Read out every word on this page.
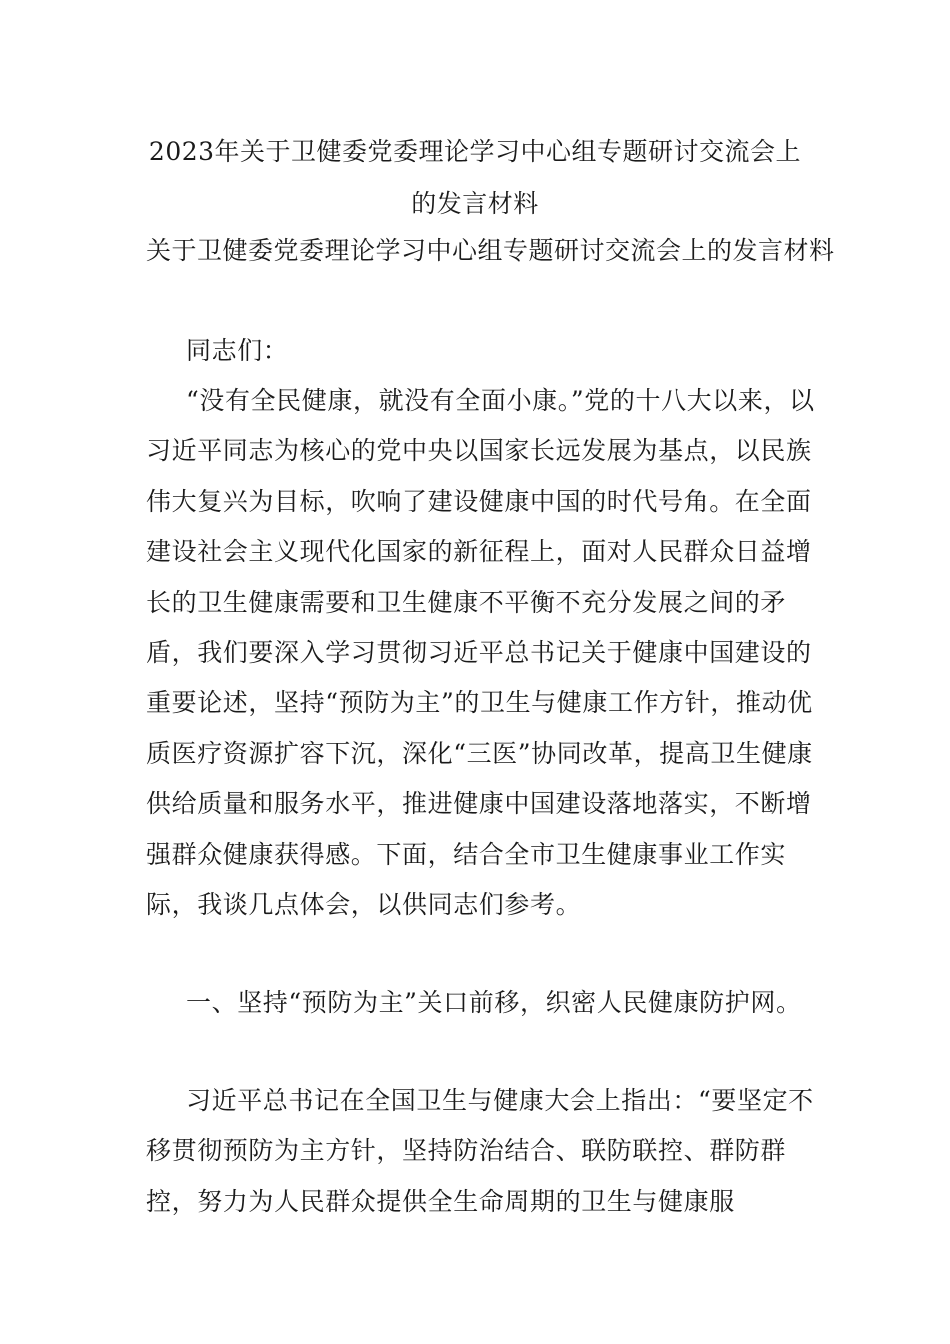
2023年关于卫健委党委理论学习中心组专题研讨交流会上
的发言材料
关于卫健委党委理论学习中心组专题研讨交流会上的发言材料

同志们：

“没有全民健康，就没有全面小康。”党的十八大以来，以习近平同志为核心的党中央以国家长远发展为基点，以民族伟大复兴为目标，吹响了建设健康中国的时代号角。在全面建设社会主义现代化国家的新征程上，面对人民群众日益增长的卫生健康需要和卫生健康不平衡不充分发展之间的矛盾，我们要深入学习贯彻习近平总书记关于健康中国建设的重要论述，坚持“预防为主”的卫生与健康工作方针，推动优质医疗资源扩容下沉，深化“三医”协同改革，提高卫生健康供给质量和服务水平，推进健康中国建设落地落实，不断增强群众健康获得感。下面，结合全市卫生健康事业工作实际，我谈几点体会，以供同志们参考。

一、坚持“预防为主”关口前移，织密人民健康防护网。

习近平总书记在全国卫生与健康大会上指出：“要坚定不移贯彻预防为主方针，坚持防治结合、联防联控、群防群控，努力为人民群众提供全生命周期的卫生与健康服
